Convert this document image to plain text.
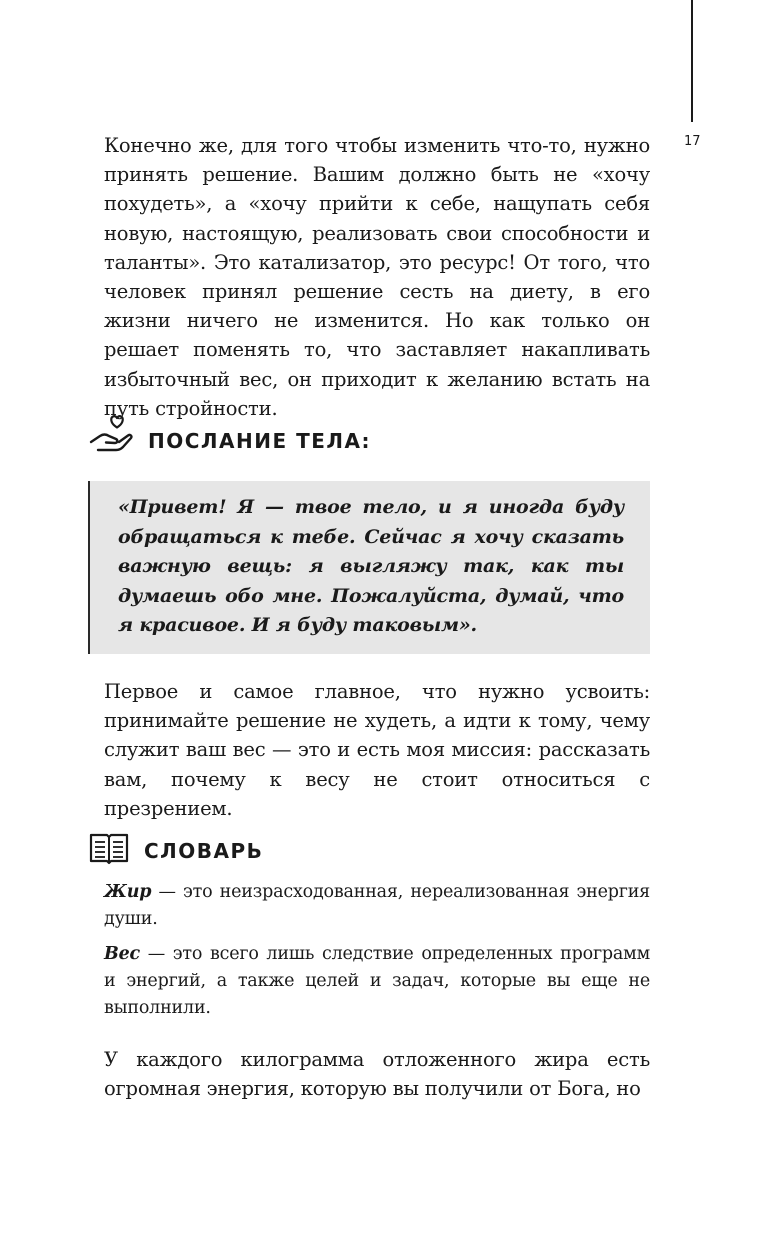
17

Конечно же, для того чтобы изменить что-то, нужно принять решение. Вашим должно быть не «хочу похудеть», а «хочу прийти к себе, нащупать себя новую, настоящую, реализовать свои способности и таланты». Это катализатор, это ресурс! От того, что человек принял решение сесть на диету, в его жизни ничего не изменится. Но как только он решает поменять то, что заставляет накапливать избыточный вес, он приходит к желанию встать на путь стройности.

ПОСЛАНИЕ ТЕЛА:

«Привет! Я — твое тело, и я иногда буду обращаться к тебе. Сейчас я хочу сказать важную вещь: я выгляжу так, как ты думаешь обо мне. Пожалуйста, думай, что я красивое. И я буду таковым».

Первое и самое главное, что нужно усвоить: принимайте решение не худеть, а идти к тому, чему служит ваш вес — это и есть моя миссия: рассказать вам, почему к весу не стоит относиться с презрением.

СЛОВАРЬ

Жир — это неизрасходованная, нереализованная энергия души.

Вес — это всего лишь следствие определенных программ и энергий, а также целей и задач, которые вы еще не выполнили.

У каждого килограмма отложенного жира есть огромная энергия, которую вы получили от Бога, но
